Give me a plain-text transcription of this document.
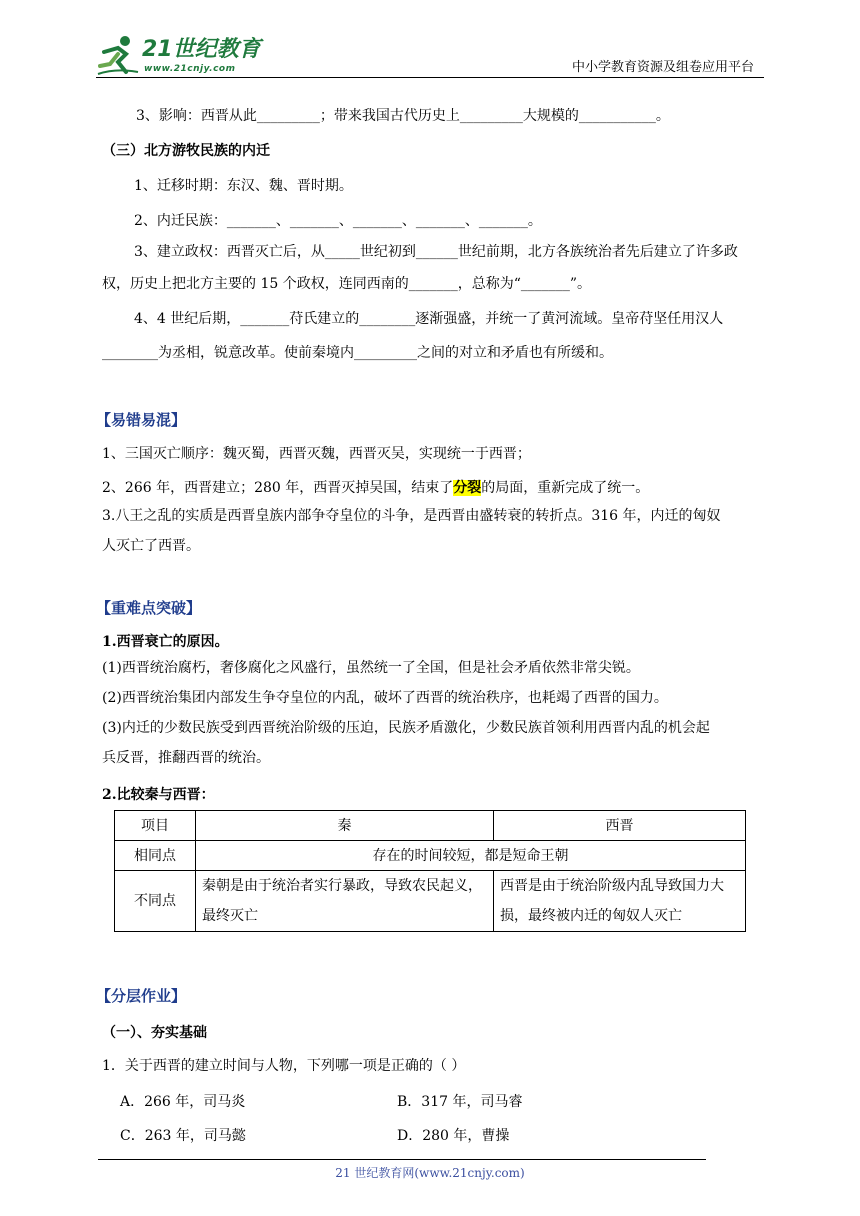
21世纪教育
www.21cnjy.com	中小学教育资源及组卷应用平台
3、影响：西晋从此_________；带来我国古代历史上_________大规模的___________。
（三）北方游牧民族的内迁
1、迁移时期：东汉、魏、晋时期。
2、内迁民族：_______、_______、_______、_______、_______。
3、建立政权：西晋灭亡后，从_____世纪初到______世纪前期，北方各族统治者先后建立了许多政
权，历史上把北方主要的 15 个政权，连同西南的_______，总称为“_______”。
4、4 世纪后期，_______苻氏建立的________逐渐强盛，并统一了黄河流域。皇帝苻坚任用汉人
________为丞相，锐意改革。使前秦境内_________之间的对立和矛盾也有所缓和。
【易错易混】
1、三国灭亡顺序：魏灭蜀，西晋灭魏，西晋灭吴，实现统一于西晋；
2、266 年，西晋建立；280 年，西晋灭掉吴国，结束了分裂的局面，重新完成了统一。
3.八王之乱的实质是西晋皇族内部争夺皇位的斗争，是西晋由盛转衰的转折点。316 年，内迁的匈奴
人灭亡了西晋。
【重难点突破】
1.西晋衰亡的原因。
(1)西晋统治腐朽，奢侈腐化之风盛行，虽然统一了全国，但是社会矛盾依然非常尖锐。
(2)西晋统治集团内部发生争夺皇位的内乱，破坏了西晋的统治秩序，也耗竭了西晋的国力。
(3)内迁的少数民族受到西晋统治阶级的压迫，民族矛盾激化，少数民族首领利用西晋内乱的机会起
兵反晋，推翻西晋的统治。
2.比较秦与西晋：
项目	秦	西晋
相同点	存在的时间较短，都是短命王朝	
不同点	秦朝是由于统治者实行暴政，导致农民起义，最终灭亡	西晋是由于统治阶级内乱导致国力大损，最终被内迁的匈奴人灭亡
【分层作业】
（一）、夯实基础
1．关于西晋的建立时间与人物，下列哪一项是正确的（ ）
A．266 年，司马炎	B．317 年，司马睿
C．263 年，司马懿	D．280 年，曹操
21 世纪教育网(www.21cnjy.com)
